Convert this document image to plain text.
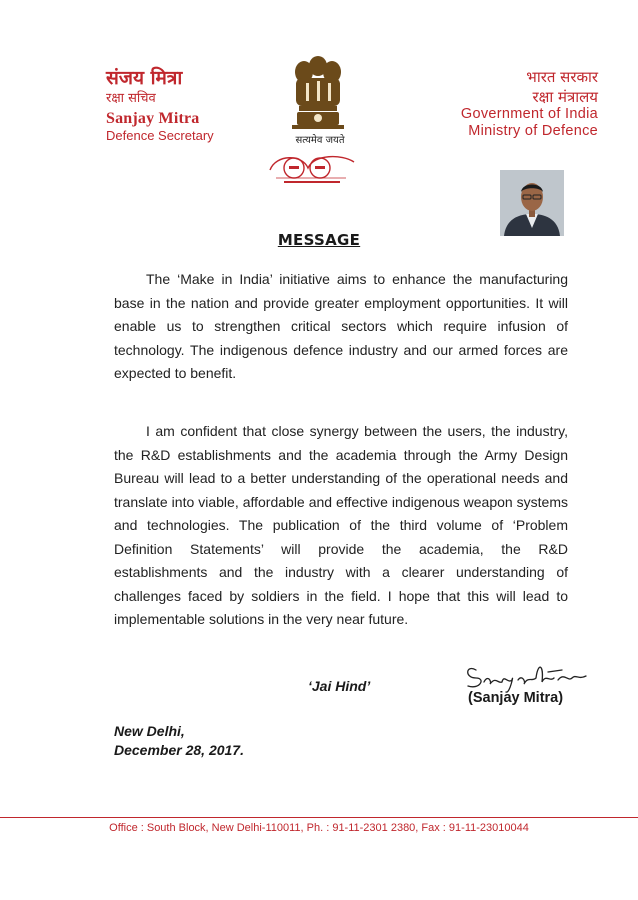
संजय मित्रा
रक्षा सचिव
Sanjay Mitra
Defence Secretary	सत्यमेव जयते
भारत सरकार
रक्षा मंत्रालय
Government of India
Ministry of Defence
MESSAGE
The ‘Make in India’ initiative aims to enhance the manufacturing base in the nation and provide greater employment opportunities. It will enable us to strengthen critical sectors which require infusion of technology. The indigenous defence industry and our armed forces are expected to benefit.
I am confident that close synergy between the users, the industry, the R&D establishments and the academia through the Army Design Bureau will lead to a better understanding of the operational needs and translate into viable, affordable and effective indigenous weapon systems and technologies. The publication of the third volume of ‘Problem Definition Statements’ will provide the academia, the R&D establishments and the industry with a clearer understanding of challenges faced by soldiers in the field. I hope that this will lead to implementable solutions in the very near future.
‘Jai Hind’
(Sanjay Mitra)
New Delhi,
December 28, 2017.
Office : South Block, New Delhi-110011, Ph. : 91-11-2301 2380, Fax : 91-11-23010044
